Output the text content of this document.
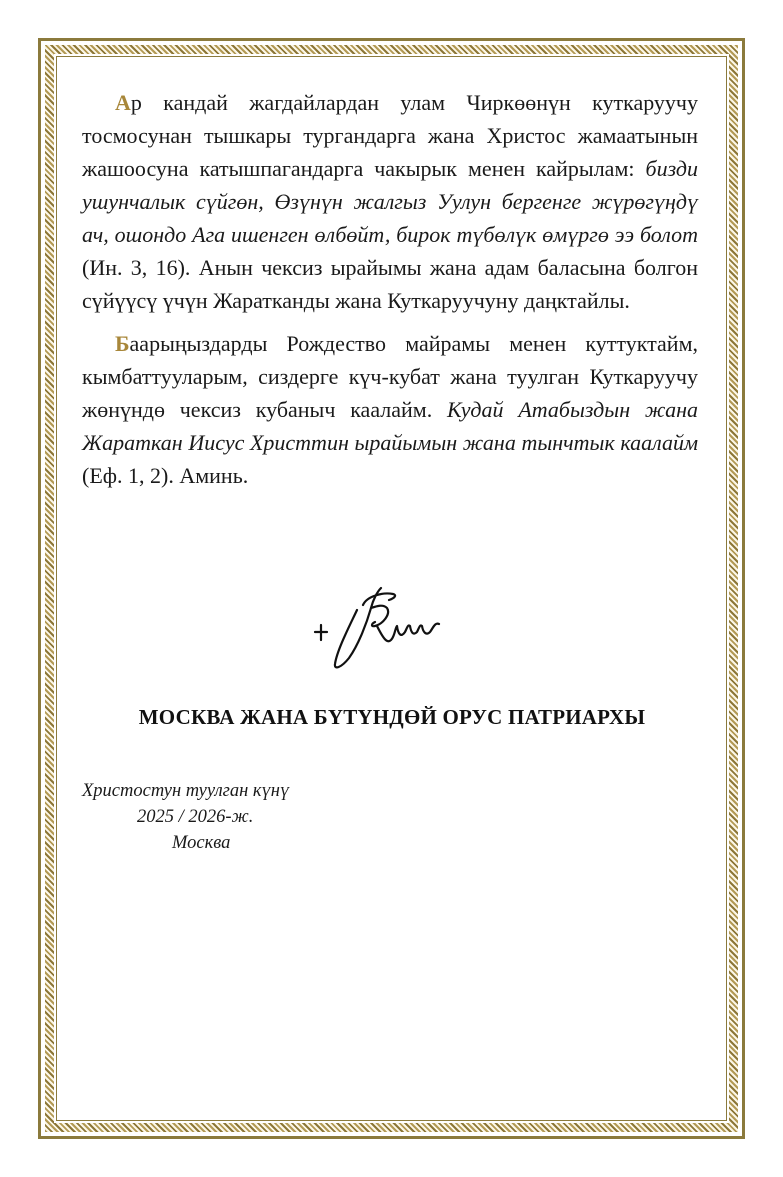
Ар кандай жагдайлардан улам Чиркөөнүн куткаруучу тосмосунан тышкары тургандарга жана Христос жамаатынын жашоосуна катышпагандарга чакырык менен кайрылам: бизди ушунчалык сүйгөн, Өзүнүн жалгыз Уулун бергенге жүрөгүңдү ач, ошондо Ага ишенген өлбөйт, бирок түбөлүк өмүргө ээ болот (Ин. 3, 16). Анын чексиз ырайымы жана адам баласына болгон сүйүүсү үчүн Жаратканды жана Куткаруучуну даңктайлы.

Баарыңыздарды Рождество майрамы менен куттуктайм, кымбаттууларым, сиздерге күч-кубат жана туулган Куткаруучу жөнүндө чексиз кубаныч каалайм. Кудай Атабыздын жана Жараткан Иисус Христтин ырайымын жана тынчтык каалайм (Еф. 1, 2). Аминь.

МОСКВА ЖАНА БҮТҮНДӨЙ ОРУС ПАТРИАРХЫ
Христостун туулган күнү
2025 / 2026-ж.
Москва
